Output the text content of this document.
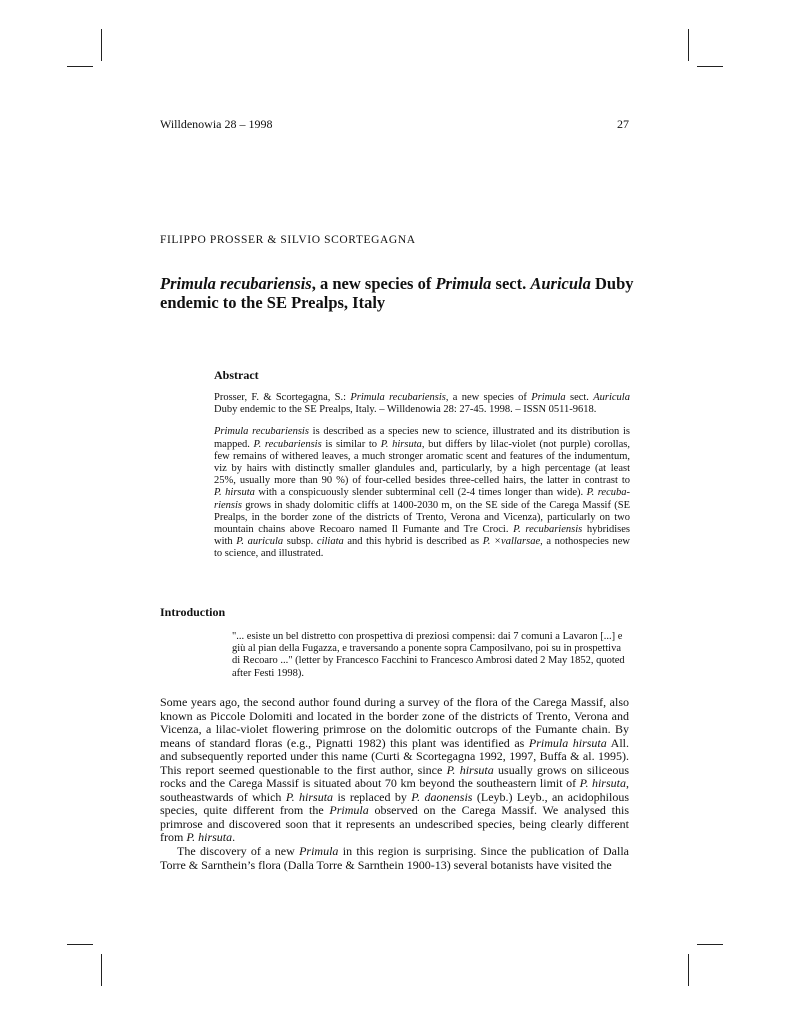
Willdenowia 28 – 1998	27
FILIPPO PROSSER & SILVIO SCORTEGAGNA
Primula recubariensis, a new species of Primula sect. Auricula Duby
endemic to the SE Prealps, Italy
Abstract
Prosser, F. & Scortegagna, S.: Primula recubariensis, a new species of Primula sect. Auricula
Duby endemic to the SE Prealps, Italy. – Willdenowia 28: 27-45. 1998. – ISSN 0511-9618.
Primula recubariensis is described as a species new to science, illustrated and its distribution is
mapped. P. recubariensis is similar to P. hirsuta, but differs by lilac-violet (not purple) corollas,
few remains of withered leaves, a much stronger aromatic scent and features of the indumentum,
viz by hairs with distinctly smaller glandules and, particularly, by a high percentage (at least
25%, usually more than 90 %) of four-celled besides three-celled hairs, the latter in contrast to
P. hirsuta with a conspicuously slender subterminal cell (2-4 times longer than wide). P. recuba-
riensis grows in shady dolomitic cliffs at 1400-2030 m, on the SE side of the Carega Massif (SE
Prealps, in the border zone of the districts of Trento, Verona and Vicenza), particularly on two
mountain chains above Recoaro named Il Fumante and Tre Croci. P. recubariensis hybridises
with P. auricula subsp. ciliata and this hybrid is described as P. ×vallarsae, a nothospecies new
to science, and illustrated.
Introduction
"... esiste un bel distretto con prospettiva di preziosi compensi: dai 7 comuni a Lavaron [...] e
giù al pian della Fugazza, e traversando a ponente sopra Camposilvano, poi su in prospettiva
di Recoaro ..." (letter by Francesco Facchini to Francesco Ambrosi dated 2 May 1852, quoted
after Festi 1998).
Some years ago, the second author found during a survey of the flora of the Carega Massif, also
known as Piccole Dolomiti and located in the border zone of the districts of Trento, Verona and
Vicenza, a lilac-violet flowering primrose on the dolomitic outcrops of the Fumante chain. By
means of standard floras (e.g., Pignatti 1982) this plant was identified as Primula hirsuta All.
and subsequently reported under this name (Curti & Scortegagna 1992, 1997, Buffa & al. 1995).
This report seemed questionable to the first author, since P. hirsuta usually grows on siliceous
rocks and the Carega Massif is situated about 70 km beyond the southeastern limit of P. hirsuta,
southeastwards of which P. hirsuta is replaced by P. daonensis (Leyb.) Leyb., an acidophilous
species, quite different from the Primula observed on the Carega Massif. We analysed this
primrose and discovered soon that it represents an undescribed species, being clearly different
from P. hirsuta.
The discovery of a new Primula in this region is surprising. Since the publication of Dalla
Torre & Sarnthein’s flora (Dalla Torre & Sarnthein 1900-13) several botanists have visited the
